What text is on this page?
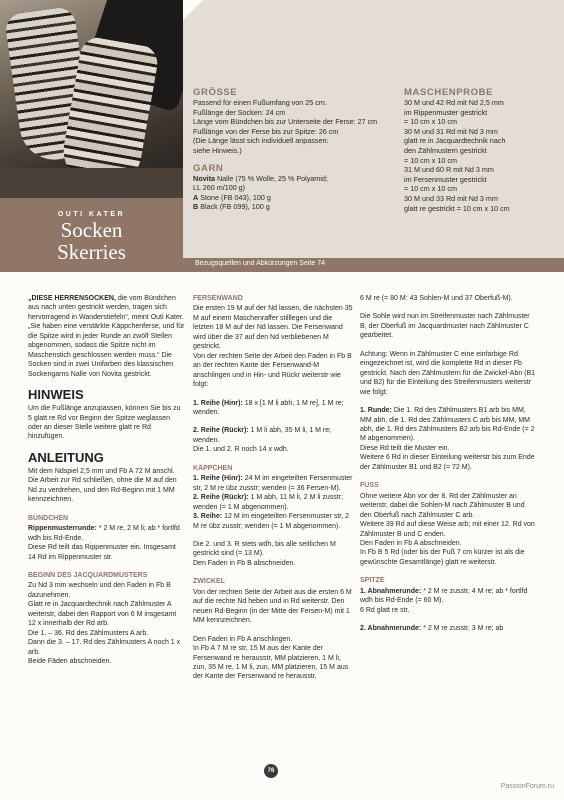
OUTI KATER
Socken
Skerries	Bezugsquellen und Abkürzungen Seite 74
GRÖSSE
Passend für einen Fußumfang von 25 cm.
Fußlänge der Socken: 24 cm
Länge vom Bündchen bis zur Unterseite der Ferse: 27 cm
Fußlänge von der Ferse bis zur Spitze: 26 cm
(Die Länge lässt sich individuell anpassen:
siehe Hinweis.)
GARN
Novita Nalle (75 % Wolle, 25 % Polyamid;
LL 260 m/100 g)
A Stone (FB 043), 100 g
B Black (FB 099), 100 g
MASCHENPROBE
30 M und 42 Rd mit Nd 2,5 mm
im Rippenmuster gestrickt
= 10 cm x 10 cm
30 M und 31 Rd mit Nd 3 mm
glatt re in Jacquardtechnik nach
den Zählmustern gestrickt
= 10 cm x 10 cm
31 M und 60 R mit Nd 3 mm
im Fersenmuster gestrickt
= 10 cm x 10 cm
30 M und 33 Rd mit Nd 3 mm
glatt re gestrickt = 10 cm x 10 cm

„DIESE HERRENSOCKEN, die vom Bündchen aus nach unten gestrickt werden, tragen sich hervorragend in Wanderstiefeln“, meint Outi Kater. „Sie haben eine verstärkte Käppchenferse, und für die Spitze wird in jeder Runde an zwölf Stellen abgenommen, sodass die Spitze nicht im Maschenstich geschlossen werden muss.“ Die Socken sind in zwei Unifarben des klassischen Sockengarns Nalle von Novita gestrickt.

HINWEIS

Um die Fußlänge anzupassen, können Sie bis zu 5 glatt re Rd vor Beginn der Spitze weglassen oder an dieser Stelle weitere glatt re Rd hinzufügen.

ANLEITUNG

Mit dem Ndspiel 2,5 mm und Fb A 72 M anschl. Die Arbeit zur Rd schließen, ohne die M auf den Nd zu verdrehen, und den Rd-Beginn mit 1 MM kennzeichnen.

BÜNDCHEN
Rippenmusterrunde: * 2 M re, 2 M li; ab * fortlfd wdh bis Rd-Ende.

Diese Rd teilt das Rippenmuster ein. Insgesamt 14 Rd im Rippenmuster str.

BEGINN DES JACQUARDMUSTERS
Zu Nd 3 mm wechseln und den Faden in Fb B dazunehmen.
Glatt re in Jacquardtechnik nach Zählmuster A weiterstr, dabei den Rapport von 6 M insgesamt 12 x innerhalb der Rd arb.
Die 1. – 36. Rd des Zählmusters A arb.
Dann die 3. – 17. Rd des Zählmusters A noch 1 x arb.
Beide Fäden abschneiden.
FERSENWAND
Die ersten 19 M auf der Nd lassen, die nächsten 35 M auf einem Maschenraffer stilllegen und die letzten 18 M auf der Nd lassen. Die Fersenwand wird über die 37 auf den Nd verbliebenen M gestrickt.

Von der rechten Seite der Arbeit den Faden in Fb B an der rechten Kante der Fersenwand-M anschlingen und in Hin- und Rückr weiterstr wie folgt:

1. Reihe (Hinr): 18 x [1 M li abh, 1 M re], 1 M re; wenden.

2. Reihe (Rückr): 1 M li abh, 35 M li, 1 M re; wenden.

Die 1. und 2. R noch 14 x wdh.

KÄPPCHEN
1. Reihe (Hinr): 24 M im eingeteilten Fersenmuster str, 2 M re übz zusstr; wenden (= 36 Fersen-M).
2. Reihe (Rückr): 1 M abh, 11 M li, 2 M li zusstr; wenden (= 1 M abgenommen).

3. Reihe: 12 M im eingeteilten Fersenmuster str, 2 M re übz zusstr; wenden (= 1 M abgenommen).

Die 2. und 3. R stets wdh, bis alle seitlichen M gestrickt sind (= 13 M).

Den Faden in Fb B abschneiden.

ZWICKEL

Von der rechten Seite der Arbeit aus die ersten 6 M auf die rechte Nd heben und in Rd weiterstr. Den neuen Rd-Beginn (in der Mitte der Fersen-M) mit 1 MM kennzeichnen.

Den Faden in Fb A anschlingen.
In Fb A 7 M re str, 15 M aus der Kante der Fersenwand re herausstr, MM platzieren, 1 M li, zun, 35 M re, 1 M li, zun, MM platzieren, 15 M aus der Kante der Fersenwand re herausstr,

6 M re (= 80 M: 43 Sohlen-M und 37 Oberfuß-M).

Die Sohle wird nun im Streifenmuster nach Zählmuster B, der Oberfuß im Jacquardmuster nach Zählmuster C gearbeitet.

Achtung: Wenn in Zählmuster C eine einfarbige Rd eingezeichnet ist, wird die komplette Rd in dieser Fb gestrickt. Nach den Zählmustern für die Zwickel-Abn (B1 und B2) für die Einteilung des Streifenmusters weiterstr wie folgt:

1. Runde: Die 1. Rd des Zählmusters B1 arb bis MM, MM abh, die 1. Rd des Zählmusters C arb bis MM, MM abh, die 1. Rd des Zählmusters B2 arb bis Rd-Ende (= 2 M abgenommen).
Diese Rd teilt die Muster ein.

Weitere 6 Rd in dieser Einteilung weiterstr bis zum Ende der Zählmuster B1 und B2 (= 72 M).

FUSS
Ohne weitere Abn vor der 8. Rd der Zählmuster an weiterstr, dabei die Sohlen-M nach Zählmuster B und den Oberfuß nach Zählmuster C arb.
Weitere 39 Rd auf diese Weise arb; mit einer 12. Rd von Zählmuster B und C enden.
Den Faden in Fb A abschneiden.

In Fb B 5 Rd (oder bis der Fuß 7 cm kürzer ist als die gewünschte Gesamtlänge) glatt re weiterstr.

SPITZE
1. Abnahmerunde: * 2 M re zusstr, 4 M re; ab * fortlfd wdh bis Rd-Ende (= 60 M).

6 Rd glatt re str.

2. Abnahmerunde: * 2 M re zusstr, 3 M re; ab
76
PassionForum.ru
